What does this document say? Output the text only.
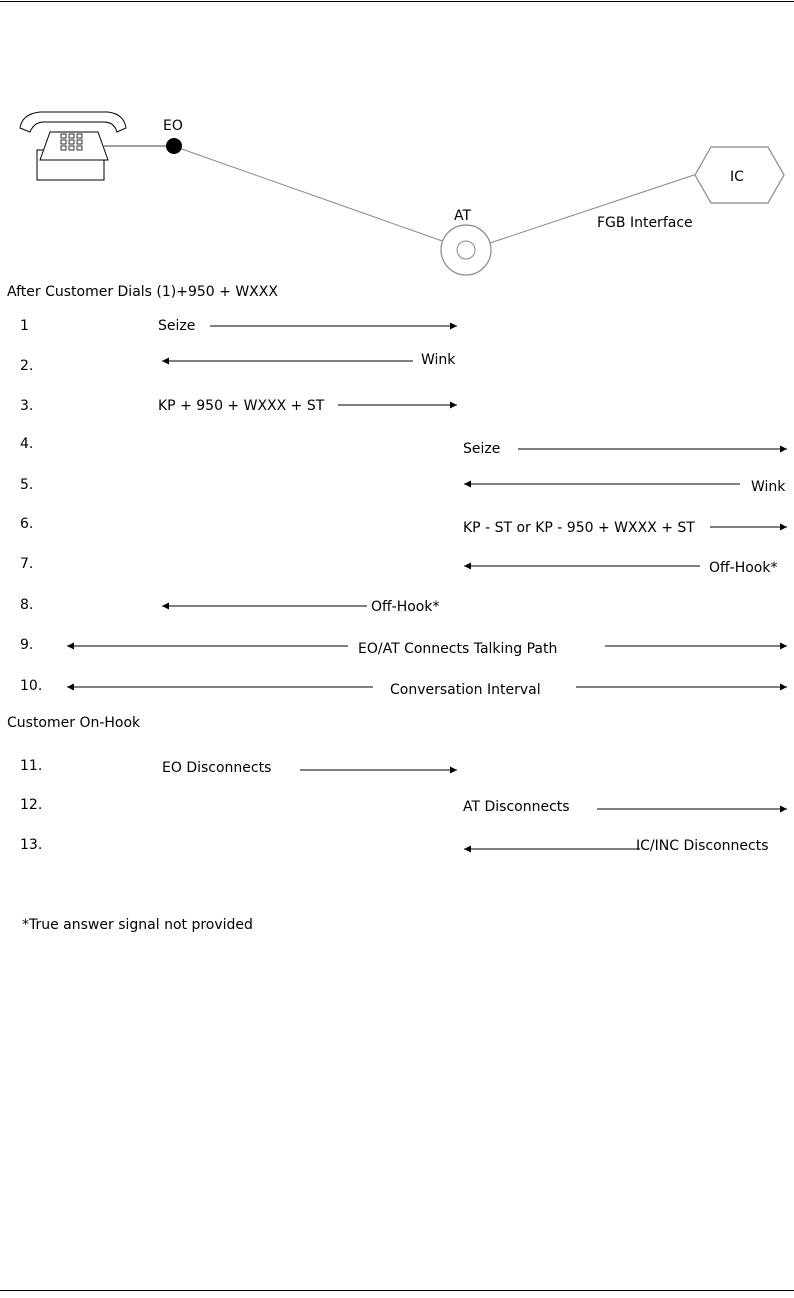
EO
AT
IC
FGB Interface
After Customer Dials (1)+950 + WXXX
Customer On-Hook
1	Seize
2.	Wink
3.	KP + 950 + WXXX + ST
4.	Seize
5.	Wink
6.	KP - ST or KP - 950 + WXXX + ST
7.	Off-Hook*
8.	Off-Hook*
9.	EO/AT Connects Talking Path
10.	Conversation Interval
11.	EO Disconnects
12.	AT Disconnects
13.	IC/INC Disconnects
*True answer signal not provided
